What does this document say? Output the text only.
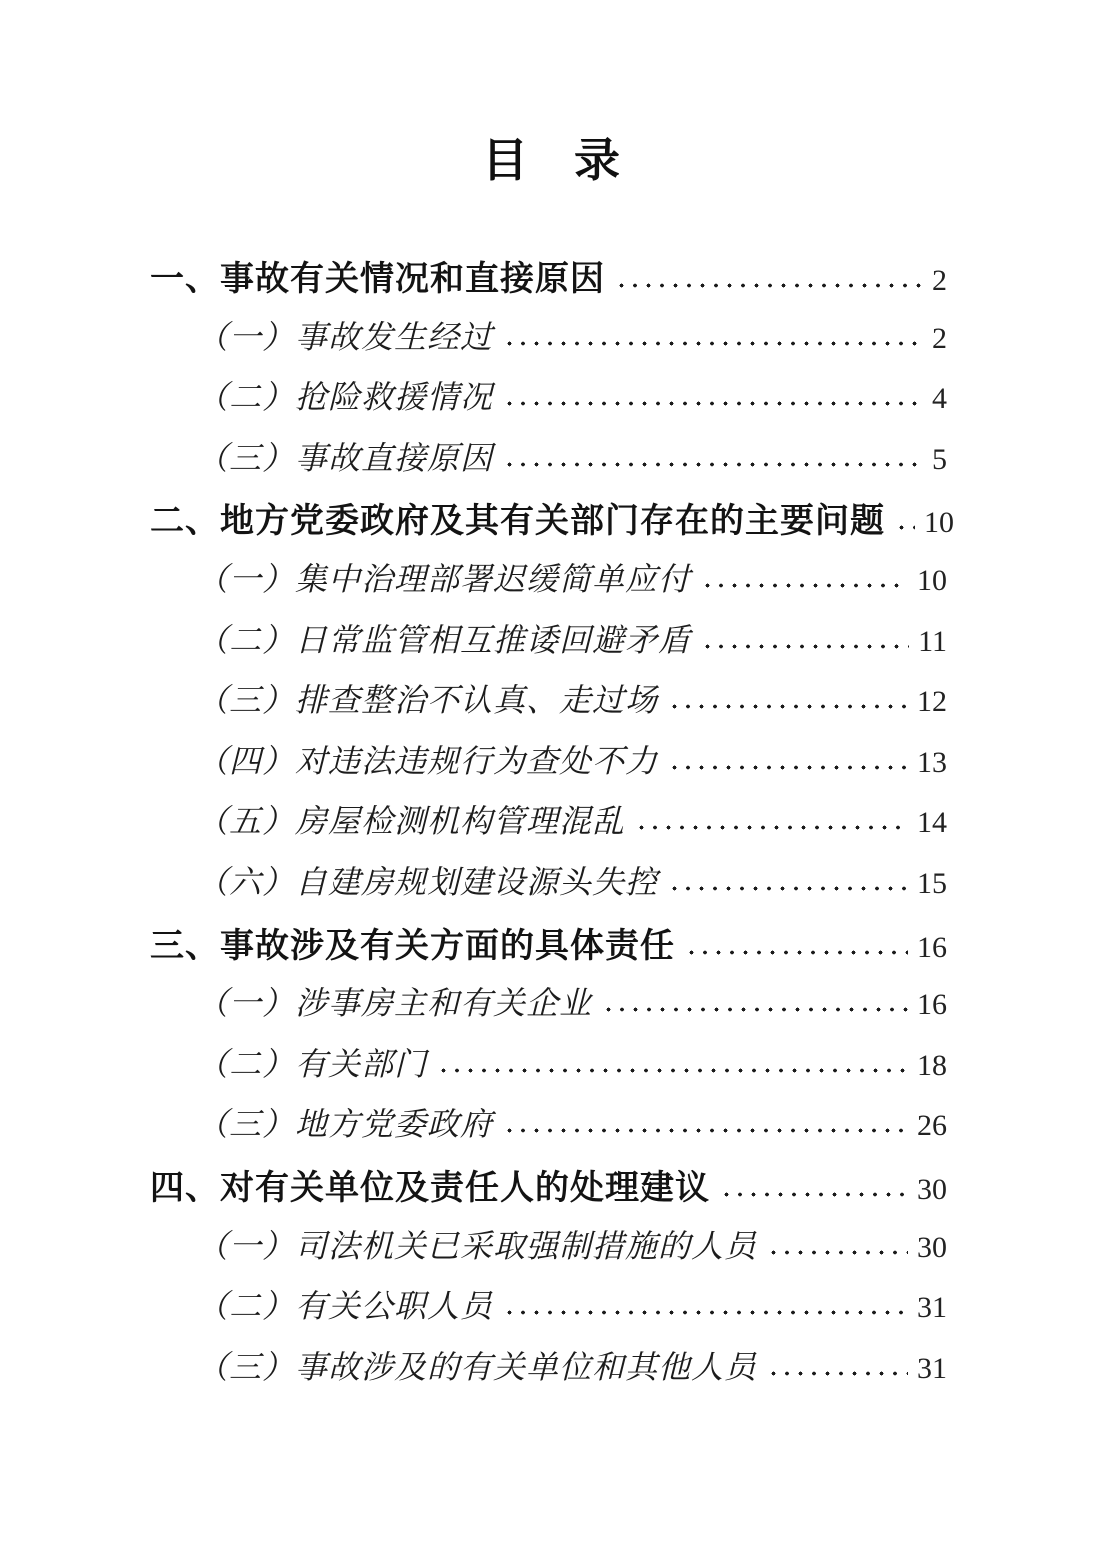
目　录
一、事故有关情况和直接原因	2
（一）事故发生经过	2
（二）抢险救援情况	4
（三）事故直接原因	5
二、地方党委政府及其有关部门存在的主要问题 10
（一）集中治理部署迟缓简单应付	10
（二）日常监管相互推诿回避矛盾	11
（三）排查整治不认真、走过场	12
（四）对违法违规行为查处不力	13
（五）房屋检测机构管理混乱	14
（六）自建房规划建设源头失控	15
三、事故涉及有关方面的具体责任	16
（一）涉事房主和有关企业	16
（二）有关部门	18
（三）地方党委政府	26
四、对有关单位及责任人的处理建议	30
（一）司法机关已采取强制措施的人员	30
（二）有关公职人员	31
（三）事故涉及的有关单位和其他人员	31
